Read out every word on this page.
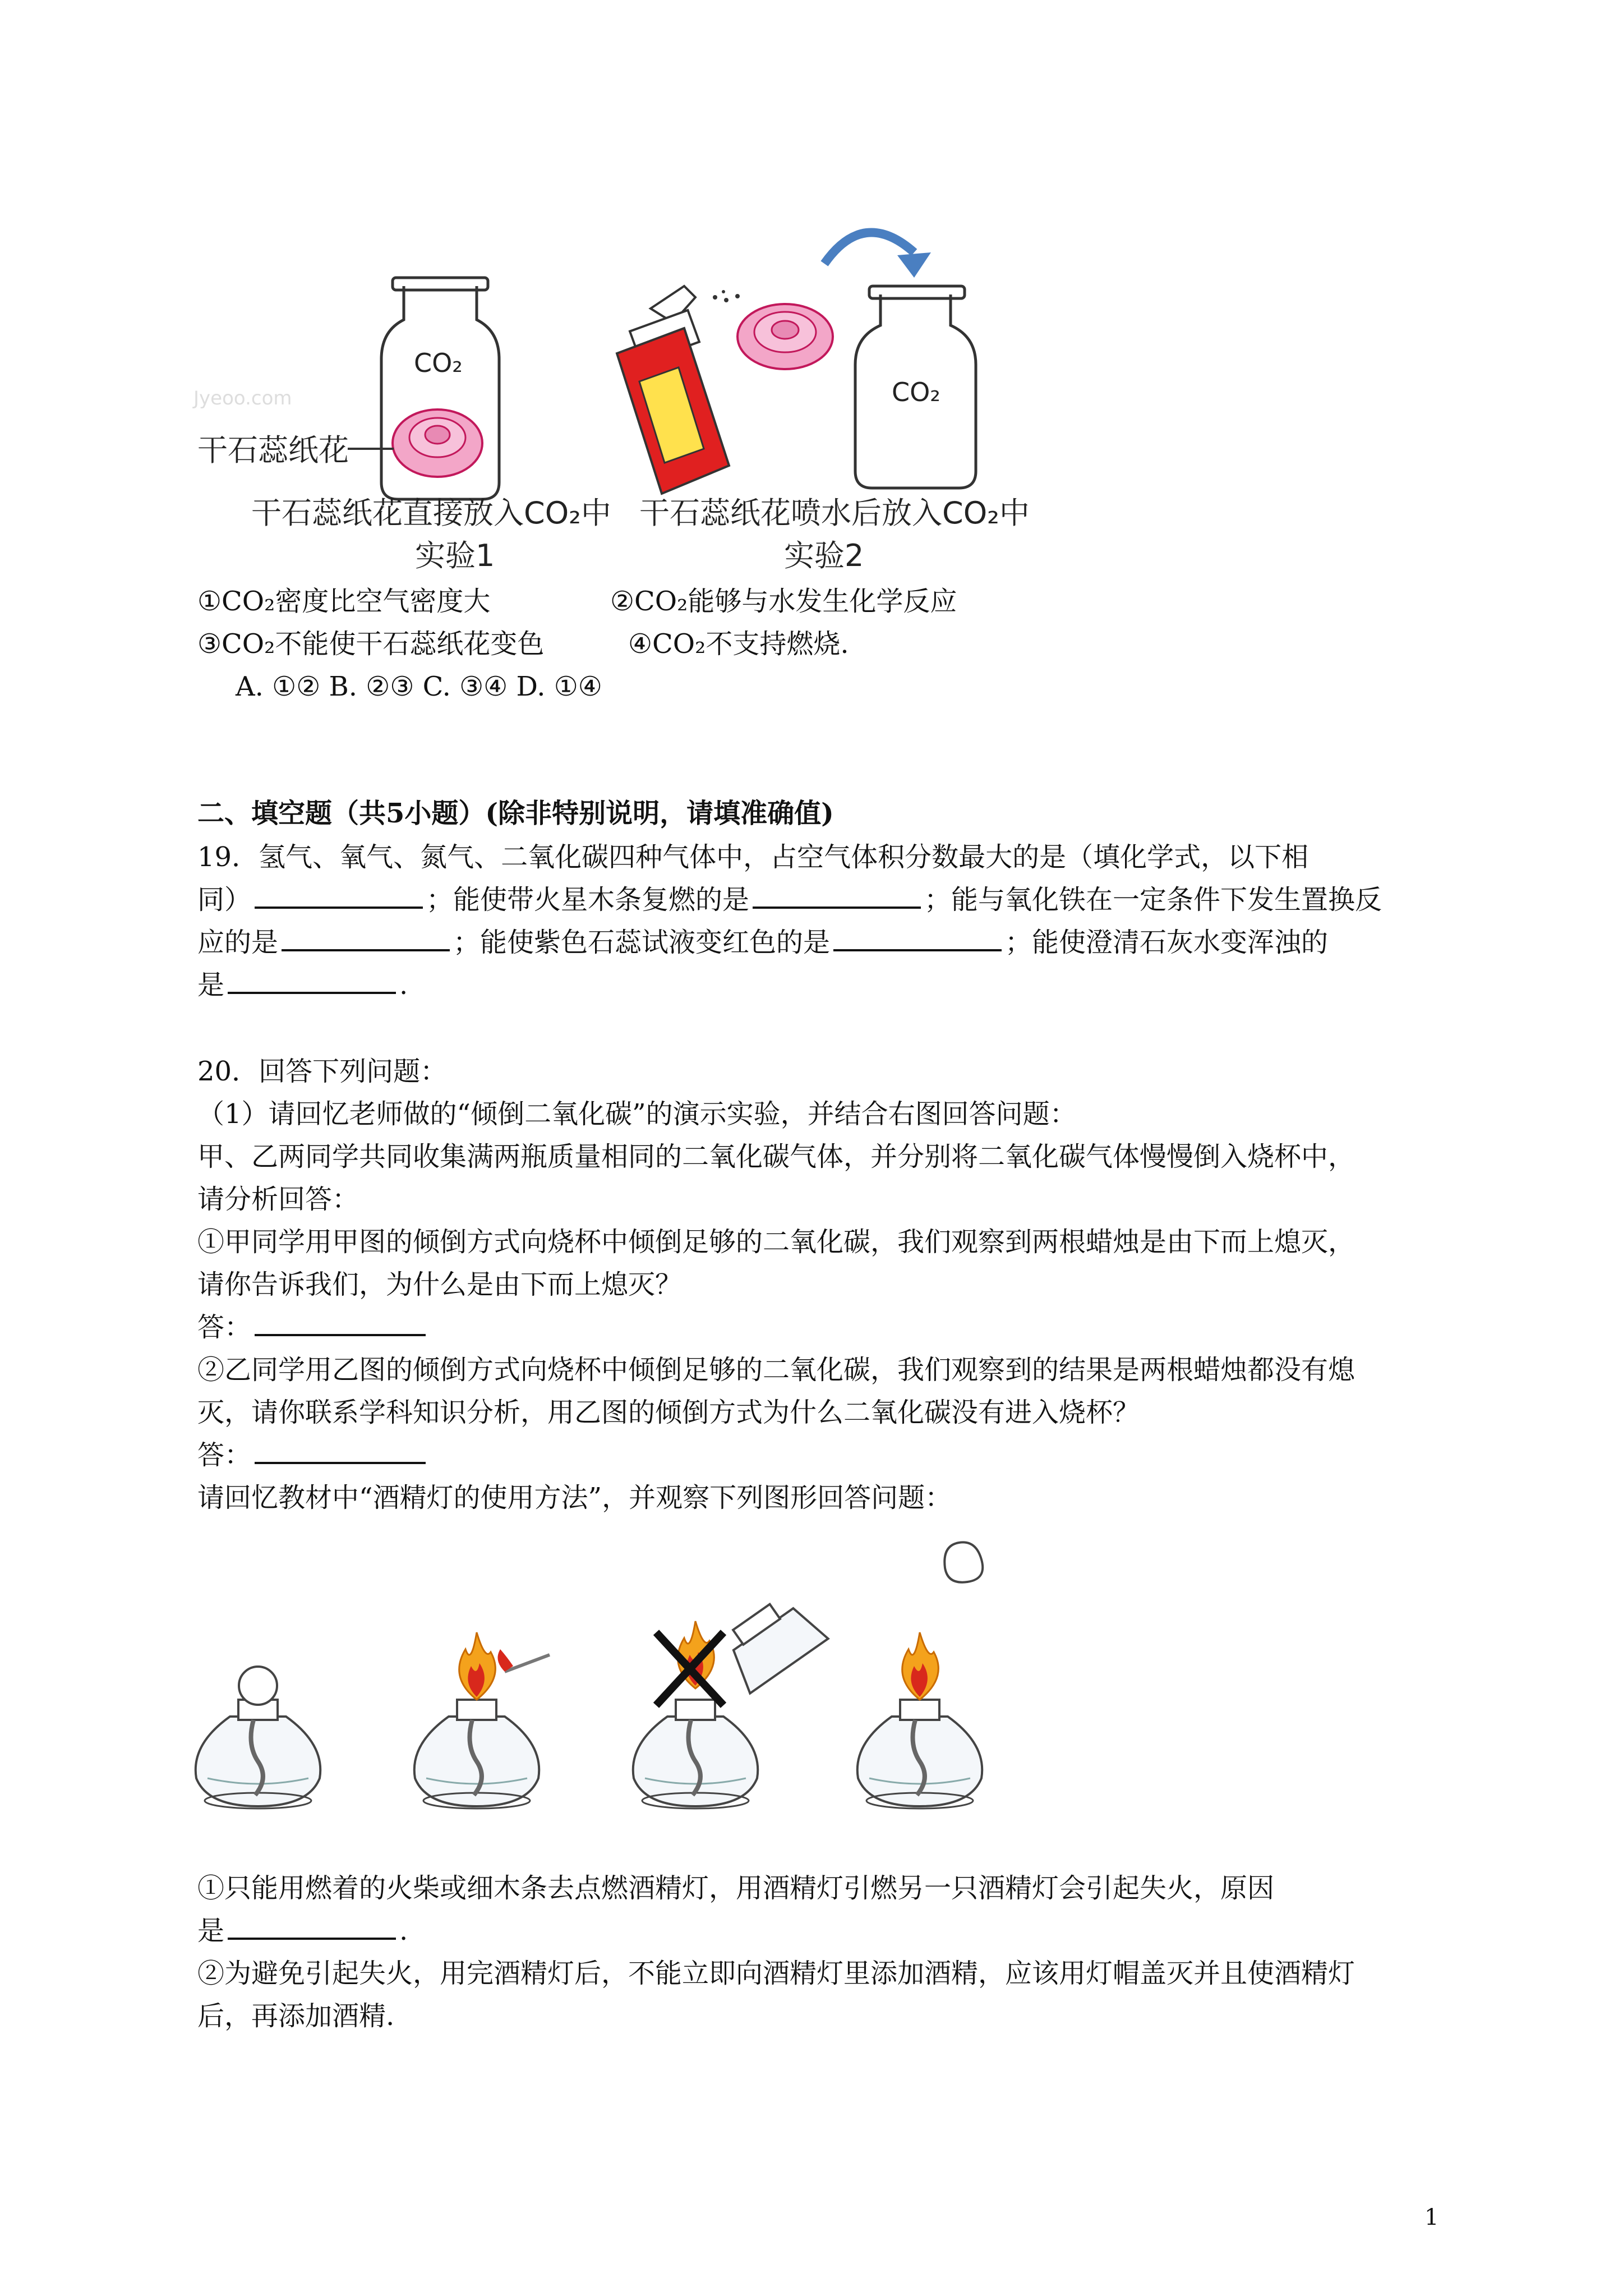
CO₂
CO₂
Jyeoo.com
干石蕊纸花
干石蕊纸花直接放入CO₂中
实验1
干石蕊纸花喷水后放入CO₂中
实验2
①CO₂密度比空气密度大	②CO₂能够与水发生化学反应
③CO₂不能使干石蕊纸花变色	④CO₂不支持燃烧.
A. ①② B. ②③ C. ③④ D. ①④
二、填空题（共5小题）(除非特别说明，请填准确值)
19．氢气、氧气、氮气、二氧化碳四种气体中，占空气体积分数最大的是（填化学式，以下相
同）	；能使带火星木条复燃的是	；能与氧化铁在一定条件下发生置换反
应的是	；能使紫色石蕊试液变红色的是	；能使澄清石灰水变浑浊的
是	.
20．回答下列问题：
（1）请回忆老师做的“倾倒二氧化碳”的演示实验，并结合右图回答问题：
甲、乙两同学共同收集满两瓶质量相同的二氧化碳气体，并分别将二氧化碳气体慢慢倒入烧杯中，
请分析回答：
①甲同学用甲图的倾倒方式向烧杯中倾倒足够的二氧化碳，我们观察到两根蜡烛是由下而上熄灭，
请你告诉我们，为什么是由下而上熄灭？
答：
②乙同学用乙图的倾倒方式向烧杯中倾倒足够的二氧化碳，我们观察到的结果是两根蜡烛都没有熄
灭，请你联系学科知识分析，用乙图的倾倒方式为什么二氧化碳没有进入烧杯？
答：
请回忆教材中“酒精灯的使用方法”，并观察下列图形回答问题：
①只能用燃着的火柴或细木条去点燃酒精灯，用酒精灯引燃另一只酒精灯会引起失火，原因
是	.
②为避免引起失火，用完酒精灯后，不能立即向酒精灯里添加酒精，应该用灯帽盖灭并且使酒精灯
后，再添加酒精.
1
